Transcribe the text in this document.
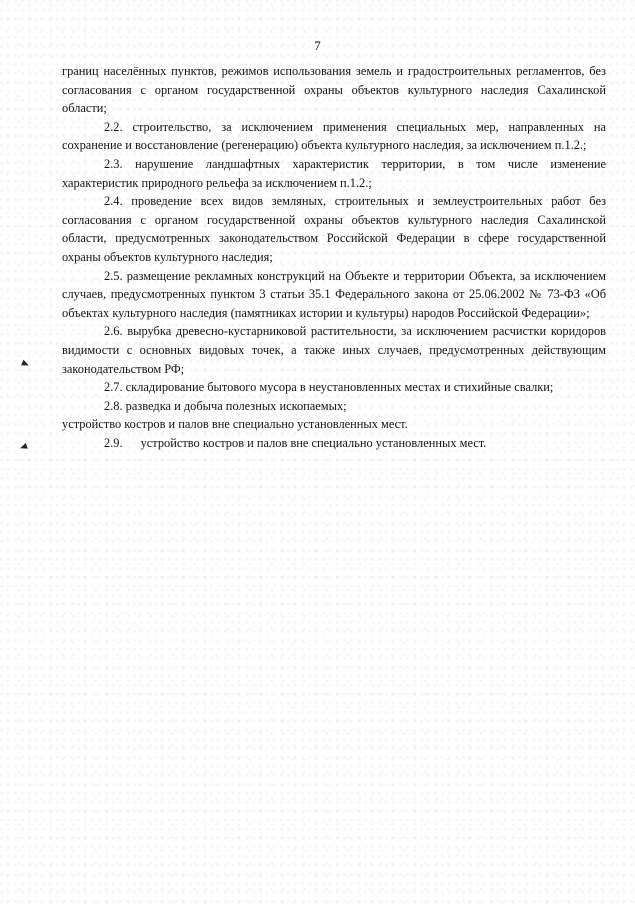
7

границ населённых пунктов, режимов использования земель и градостроительных регламентов, без согласования с органом государственной охраны объектов культурного наследия Сахалинской области;

2.2. строительство, за исключением применения специальных мер, направленных на сохранение и восстановление (регенерацию) объекта культурного наследия, за исключением п.1.2.;

2.3. нарушение ландшафтных характеристик территории, в том числе изменение характеристик природного рельефа за исключением п.1.2.;

2.4. проведение всех видов земляных, строительных и землеустроительных работ без согласования с органом государственной охраны объектов культурного наследия Сахалинской области, предусмотренных законодательством Российской Федерации в сфере государственной охраны объектов культурного наследия;

2.5. размещение рекламных конструкций на Объекте и территории Объекта, за исключением случаев, предусмотренных пунктом 3 статьи 35.1 Федерального закона от 25.06.2002 № 73-ФЗ «Об объектах культурного наследия (памятниках истории и культуры) народов Российской Федерации»;

2.6. вырубка древесно-кустарниковой растительности, за исключением расчистки коридоров видимости с основных видовых точек, а также иных случаев, предусмотренных действующим законодательством РФ;

2.7. складирование бытового мусора в неустановленных местах и стихийные свалки;

2.8. разведка и добыча полезных ископаемых;

устройство костров и палов вне специально установленных мест.

2.9. устройство костров и палов вне специально установленных мест.
